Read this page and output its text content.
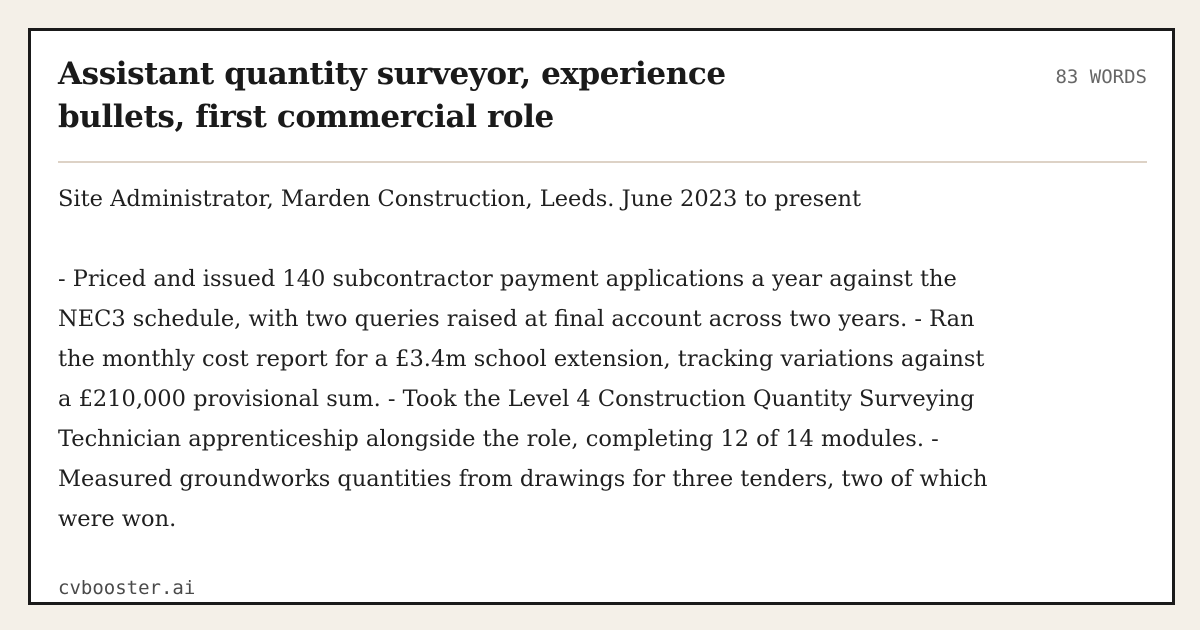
Assistant quantity surveyor, experience bullets, first commercial role
83 WORDS

Site Administrator, Marden Construction, Leeds. June 2023 to present

- Priced and issued 140 subcontractor payment applications a year against the NEC3 schedule, with two queries raised at final account across two years. - Ran the monthly cost report for a £3.4m school extension, tracking variations against a £210,000 provisional sum. - Took the Level 4 Construction Quantity Surveying Technician apprenticeship alongside the role, completing 12 of 14 modules. - Measured groundworks quantities from drawings for three tenders, two of which were won.

cvbooster.ai
